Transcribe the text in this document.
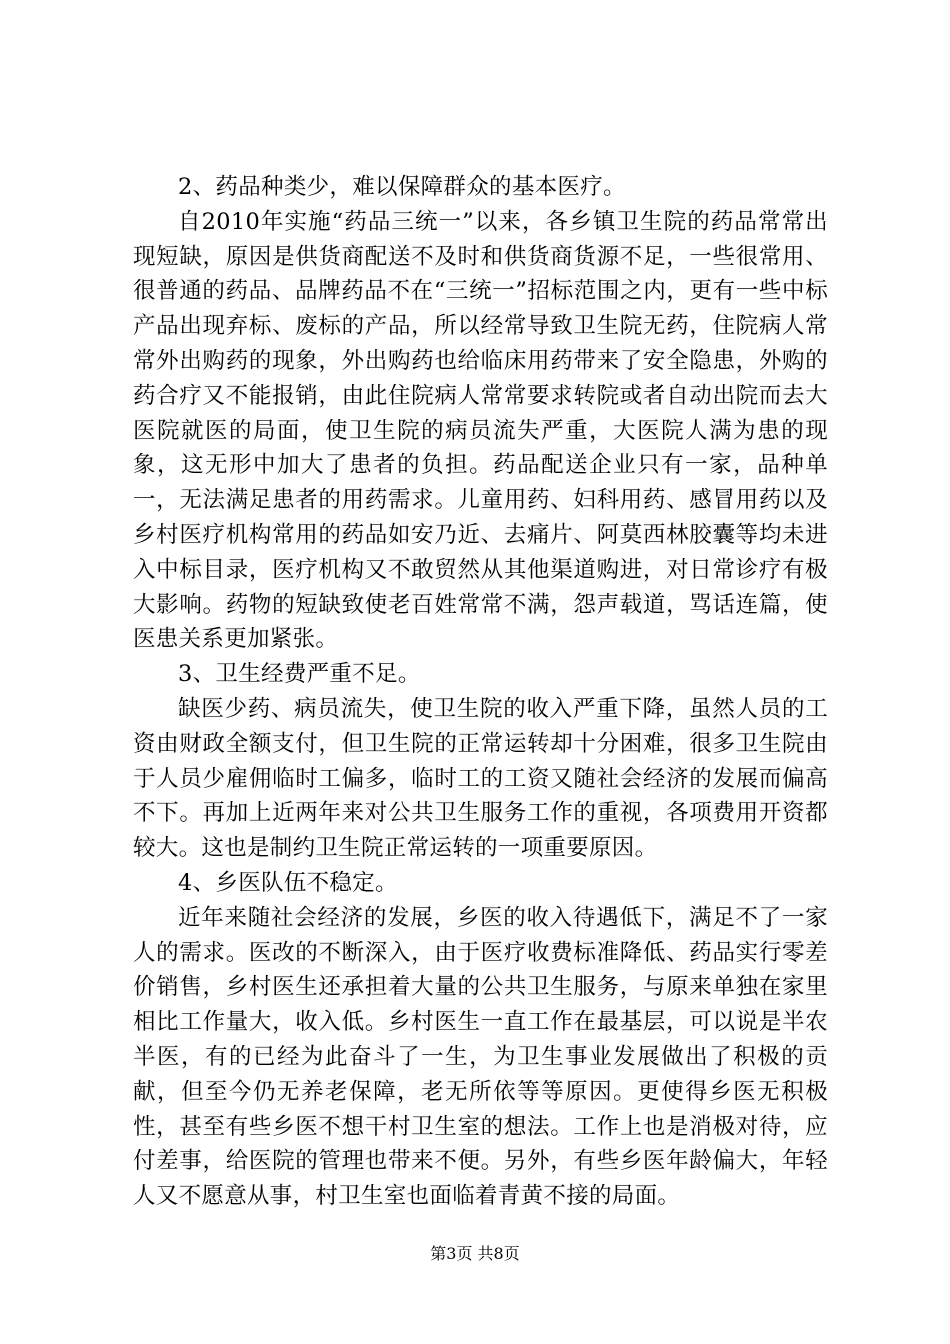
2、药品种类少，难以保障群众的基本医疗。

自2010年实施“药品三统一”以来，各乡镇卫生院的药品常常出现短缺，原因是供货商配送不及时和供货商货源不足，一些很常用、很普通的药品、品牌药品不在“三统一”招标范围之内，更有一些中标产品出现弃标、废标的产品，所以经常导致卫生院无药，住院病人常常外出购药的现象，外出购药也给临床用药带来了安全隐患，外购的药合疗又不能报销，由此住院病人常常要求转院或者自动出院而去大医院就医的局面，使卫生院的病员流失严重，大医院人满为患的现象，这无形中加大了患者的负担。药品配送企业只有一家，品种单一，无法满足患者的用药需求。儿童用药、妇科用药、感冒用药以及乡村医疗机构常用的药品如安乃近、去痛片、阿莫西林胶囊等均未进入中标目录，医疗机构又不敢贸然从其他渠道购进，对日常诊疗有极大影响。药物的短缺致使老百姓常常不满，怨声载道，骂话连篇，使医患关系更加紧张。

3、卫生经费严重不足。

缺医少药、病员流失，使卫生院的收入严重下降，虽然人员的工资由财政全额支付，但卫生院的正常运转却十分困难，很多卫生院由于人员少雇佣临时工偏多，临时工的工资又随社会经济的发展而偏高不下。再加上近两年来对公共卫生服务工作的重视，各项费用开资都较大。这也是制约卫生院正常运转的一项重要原因。

4、乡医队伍不稳定。

近年来随社会经济的发展，乡医的收入待遇低下，满足不了一家人的需求。医改的不断深入，由于医疗收费标准降低、药品实行零差价销售，乡村医生还承担着大量的公共卫生服务，与原来单独在家里相比工作量大，收入低。乡村医生一直工作在最基层，可以说是半农半医，有的已经为此奋斗了一生，为卫生事业发展做出了积极的贡献，但至今仍无养老保障，老无所依等等原因。更使得乡医无积极性，甚至有些乡医不想干村卫生室的想法。工作上也是消极对待，应付差事，给医院的管理也带来不便。另外，有些乡医年龄偏大，年轻人又不愿意从事，村卫生室也面临着青黄不接的局面。

第3页 共8页
